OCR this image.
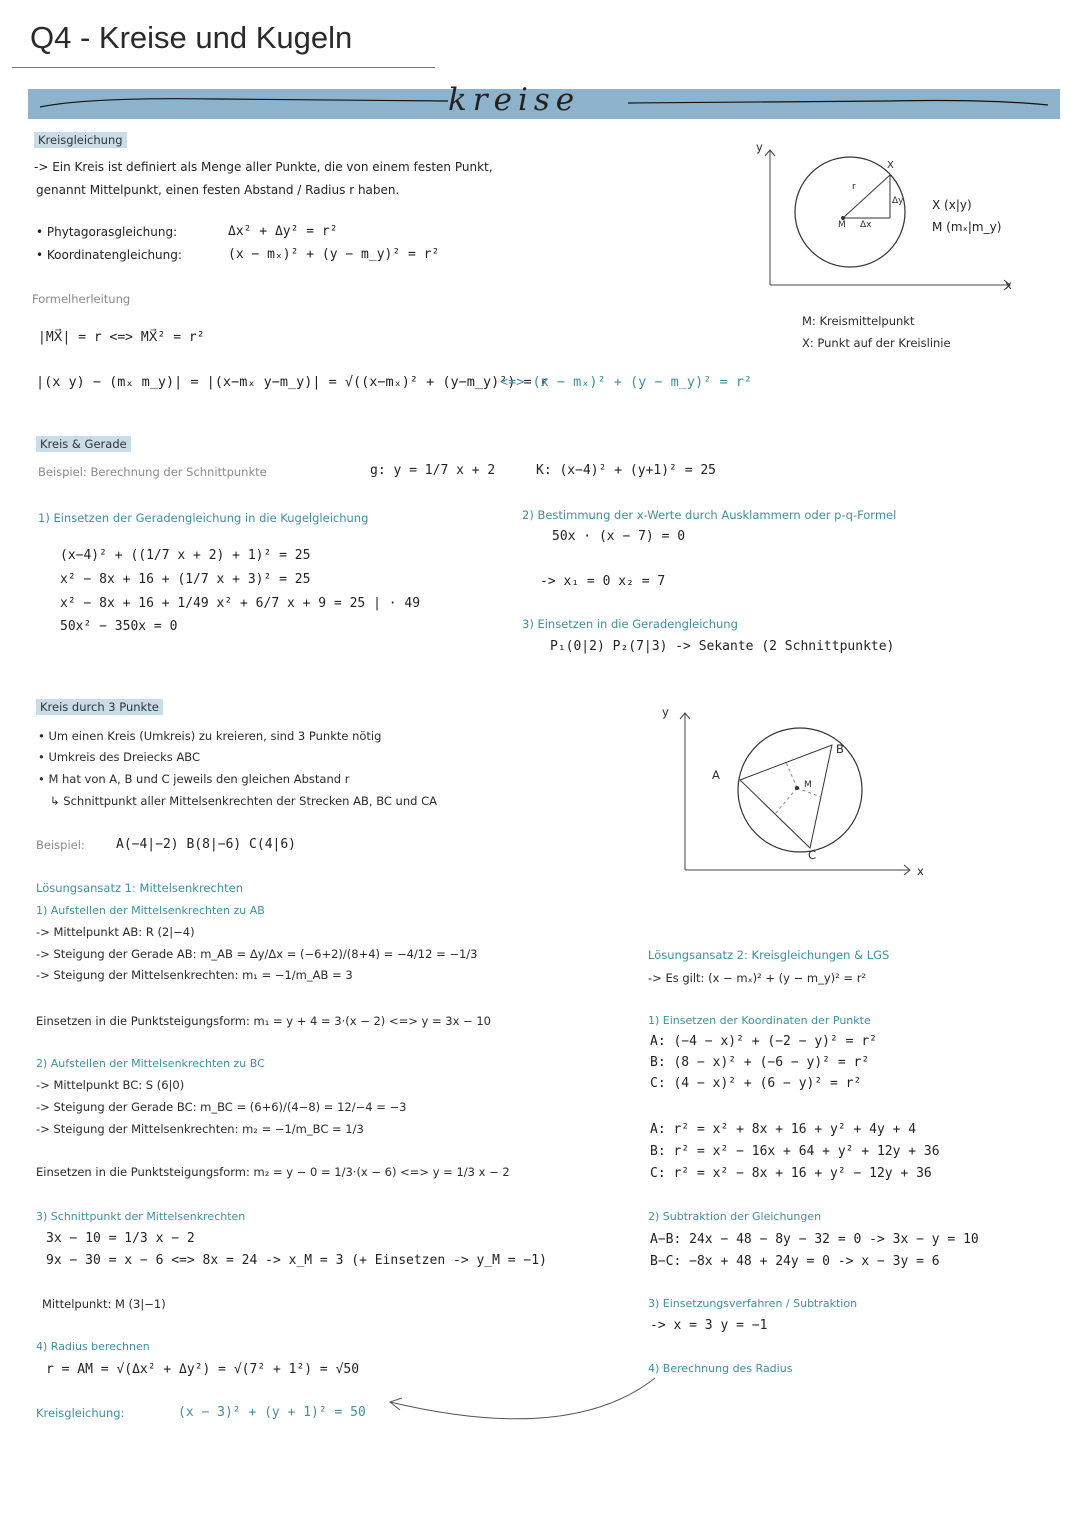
Q4 - Kreise und Kugeln
kreise
Kreisgleichung
-> Ein Kreis ist definiert als Menge aller Punkte, die von einem festen Punkt,
genannt Mittelpunkt, einen festen Abstand / Radius r haben.
• Phytagorasgleichung:	Δx² + Δy² = r²
• Koordinatengleichung:	(x − mₓ)² + (y − m_y)² = r²
Formelherleitung
|MX⃗| = r <=> MX⃗² = r²
|(x y) − (mₓ m_y)| = |(x−mₓ y−m_y)| = √((x−mₓ)² + (y−m_y)²) = r
<=> (x − mₓ)² + (y − m_y)² = r²
y
x
X
r
M Δx
Δy X (x|y)
M (mₓ|m_y)
M: Kreismittelpunkt
X: Punkt auf der Kreislinie
Kreis & Gerade
Beispiel: Berechnung der Schnittpunkte	g: y = 1/7 x + 2	K: (x−4)² + (y+1)² = 25
1) Einsetzen der Geradengleichung in die Kugelgleichung
(x−4)² + ((1/7 x + 2) + 1)² = 25
x² − 8x + 16 + (1/7 x + 3)² = 25
x² − 8x + 16 + 1/49 x² + 6/7 x + 9 = 25 | · 49
50x² − 350x = 0
2) Bestimmung der x-Werte durch Ausklammern oder p-q-Formel
50x · (x − 7) = 0
-> x₁ = 0 x₂ = 7
3) Einsetzen in die Geradengleichung
P₁(0|2) P₂(7|3) -> Sekante (2 Schnittpunkte)
Kreis durch 3 Punkte
• Um einen Kreis (Umkreis) zu kreieren, sind 3 Punkte nötig
• Umkreis des Dreiecks ABC
• M hat von A, B und C jeweils den gleichen Abstand r
↳ Schnittpunkt aller Mittelsenkrechten der Strecken AB, BC und CA
Beispiel: A(−4|−2) B(8|−6) C(4|6)
y
x
A
B
C
M
Lösungsansatz 1: Mittelsenkrechten
1) Aufstellen der Mittelsenkrechten zu AB
-> Mittelpunkt AB: R (2|−4)
-> Steigung der Gerade AB: m_AB = Δy/Δx = (−6+2)/(8+4) = −4/12 = −1/3
-> Steigung der Mittelsenkrechten: m₁ = −1/m_AB = 3
Einsetzen in die Punktsteigungsform: m₁ = y + 4 = 3·(x − 2) <=> y = 3x − 10
2) Aufstellen der Mittelsenkrechten zu BC
-> Mittelpunkt BC: S (6|0)
-> Steigung der Gerade BC: m_BC = (6+6)/(4−8) = 12/−4 = −3
-> Steigung der Mittelsenkrechten: m₂ = −1/m_BC = 1/3
Einsetzen in die Punktsteigungsform: m₂ = y − 0 = 1/3·(x − 6) <=> y = 1/3 x − 2
3) Schnittpunkt der Mittelsenkrechten
3x − 10 = 1/3 x − 2
9x − 30 = x − 6 <=> 8x = 24 -> x_M = 3 (+ Einsetzen -> y_M = −1)
Mittelpunkt: M (3|−1)
4) Radius berechnen
r = AM = √(Δx² + Δy²) = √(7² + 1²) = √50
Kreisgleichung:	(x − 3)² + (y + 1)² = 50
Lösungsansatz 2: Kreisgleichungen & LGS
-> Es gilt: (x − mₓ)² + (y − m_y)² = r²
1) Einsetzen der Koordinaten der Punkte
A: (−4 − x)² + (−2 − y)² = r²
B: (8 − x)² + (−6 − y)² = r²
C: (4 − x)² + (6 − y)² = r²
A: r² = x² + 8x + 16 + y² + 4y + 4
B: r² = x² − 16x + 64 + y² + 12y + 36
C: r² = x² − 8x + 16 + y² − 12y + 36
2) Subtraktion der Gleichungen
A−B: 24x − 48 − 8y − 32 = 0 -> 3x − y = 10
B−C: −8x + 48 + 24y = 0 -> x − 3y = 6
3) Einsetzungsverfahren / Subtraktion
-> x = 3 y = −1
4) Berechnung des Radius
